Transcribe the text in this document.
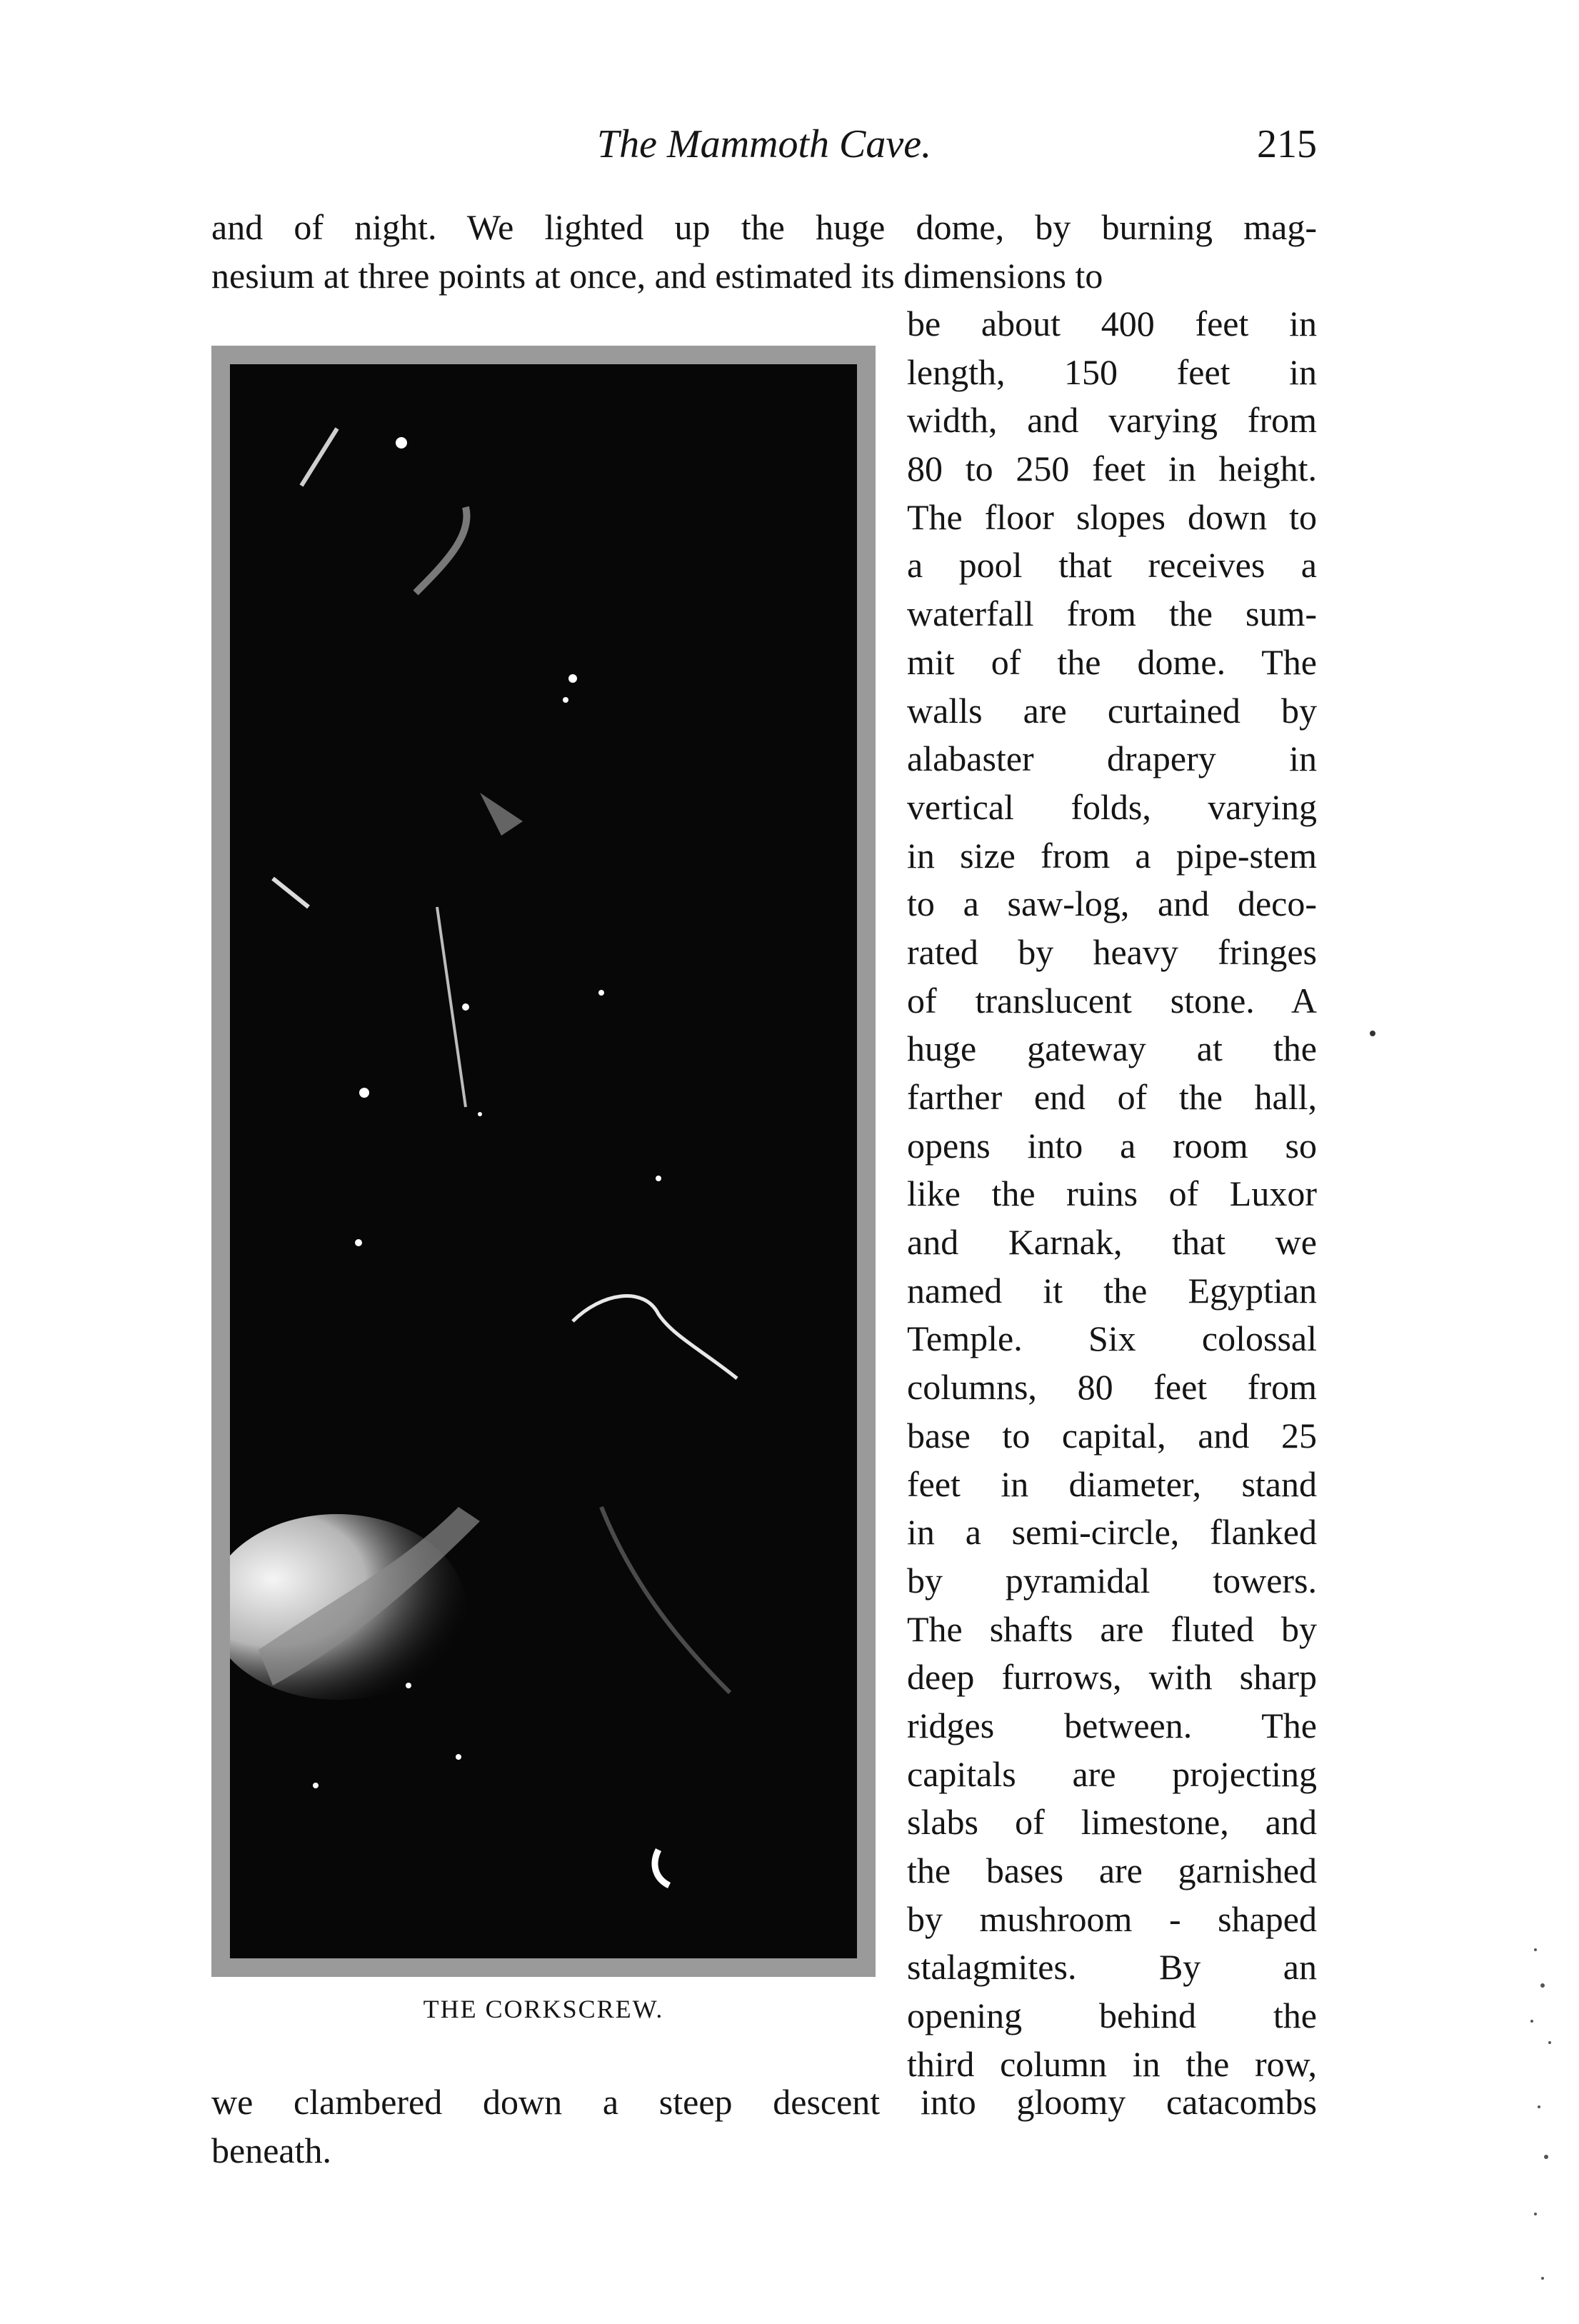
The Mammoth Cave.	215
and of night. We lighted up the huge dome, by burning mag-
nesium at three points at once, and estimated its dimensions to
THE CORKSCREW.
be about 400 feet in
length, 150 feet in
width, and varying from
80 to 250 feet in height.
The floor slopes down to
a pool that receives a
waterfall from the sum-
mit of the dome. The
walls are curtained by
alabaster drapery in
vertical folds, varying
in size from a pipe-stem
to a saw-log, and deco-
rated by heavy fringes
of translucent stone. A
huge gateway at the
farther end of the hall,
opens into a room so
like the ruins of Luxor
and Karnak, that we
named it the Egyptian
Temple. Six colossal
columns, 80 feet from
base to capital, and 25
feet in diameter, stand
in a semi-circle, flanked
by pyramidal towers.
The shafts are fluted by
deep furrows, with sharp
ridges between. The
capitals are projecting
slabs of limestone, and
the bases are garnished
by mushroom - shaped
stalagmites. By an
opening behind the
third column in the row,
we clambered down a steep descent into gloomy catacombs
beneath.
